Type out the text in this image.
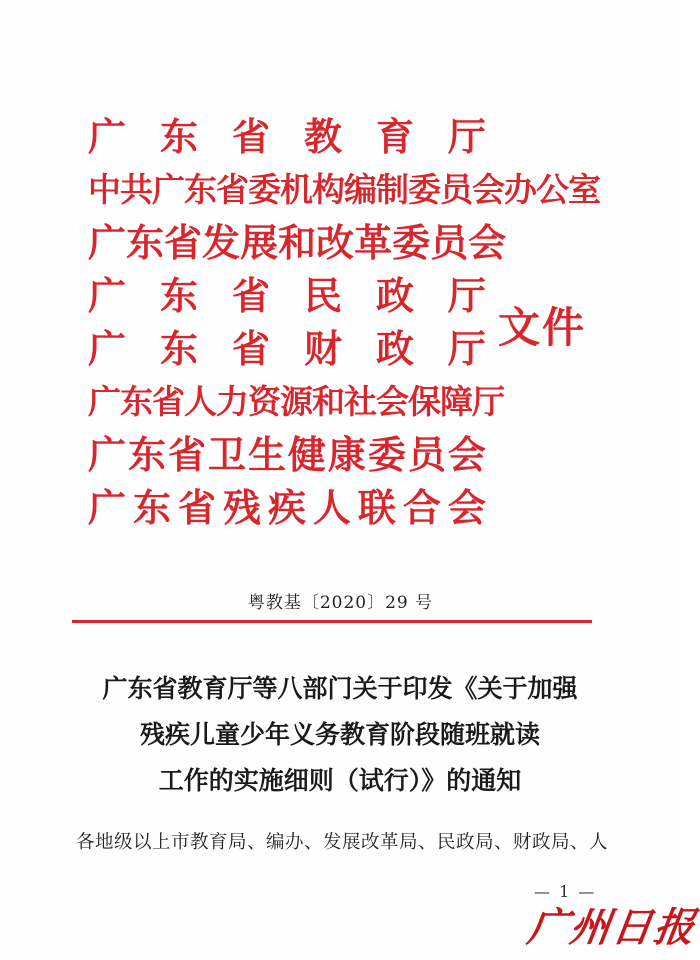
广 东 省 教 育 厅
中共广东省委机构编制委员会办公室
广 东 省 发 展 和 改 革 委 员 会
广 东 省 民 政 厅
广 东 省 财 政 厅
广东省人力资源和社会保障厅
广 东 省 卫 生 健 康 委 员 会
广 东 省 残 疾 人 联 合 会
文件
粤教基〔2020〕29 号
广东省教育厅等八部门关于印发《关于加强
残疾儿童少年义务教育阶段随班就读
工作的实施细则（试行）》的通知
各地级以上市教育局、编办、发展改革局、民政局、财政局、人
— 1 —
广州日报
